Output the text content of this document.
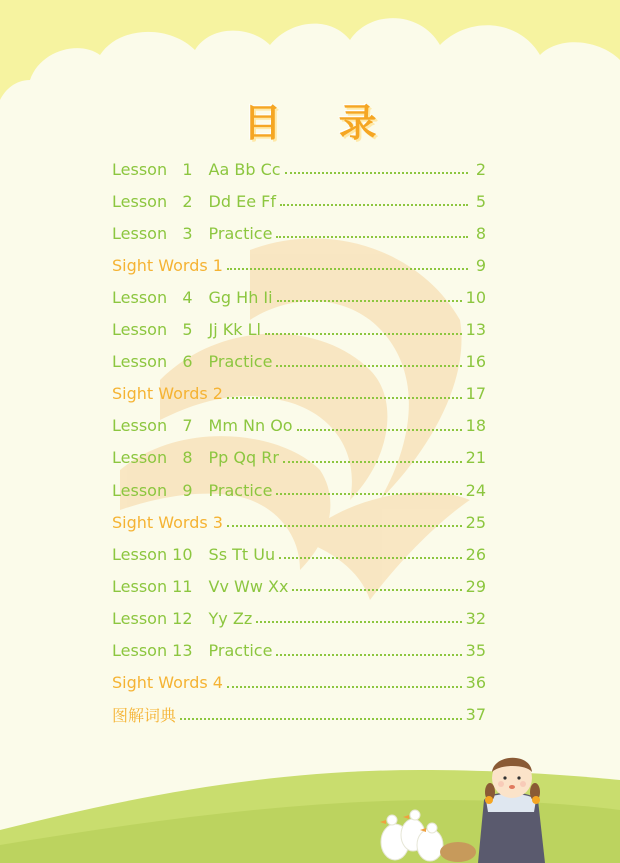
目 录
Lesson   1 Aa Bb Cc	2
Lesson   2 Dd Ee Ff	5
Lesson   3 Practice	8
Sight Words 1	9
Lesson   4 Gg Hh Ii	10
Lesson   5 Jj Kk Ll	13
Lesson   6 Practice	16
Sight Words 2	17
Lesson   7 Mm Nn Oo	18
Lesson   8 Pp Qq Rr	21
Lesson   9 Practice	24
Sight Words 3	25
Lesson 10 Ss Tt Uu	26
Lesson 11 Vv Ww Xx	29
Lesson 12 Yy Zz	32
Lesson 13 Practice	35
Sight Words 4	36
图解词典	37
